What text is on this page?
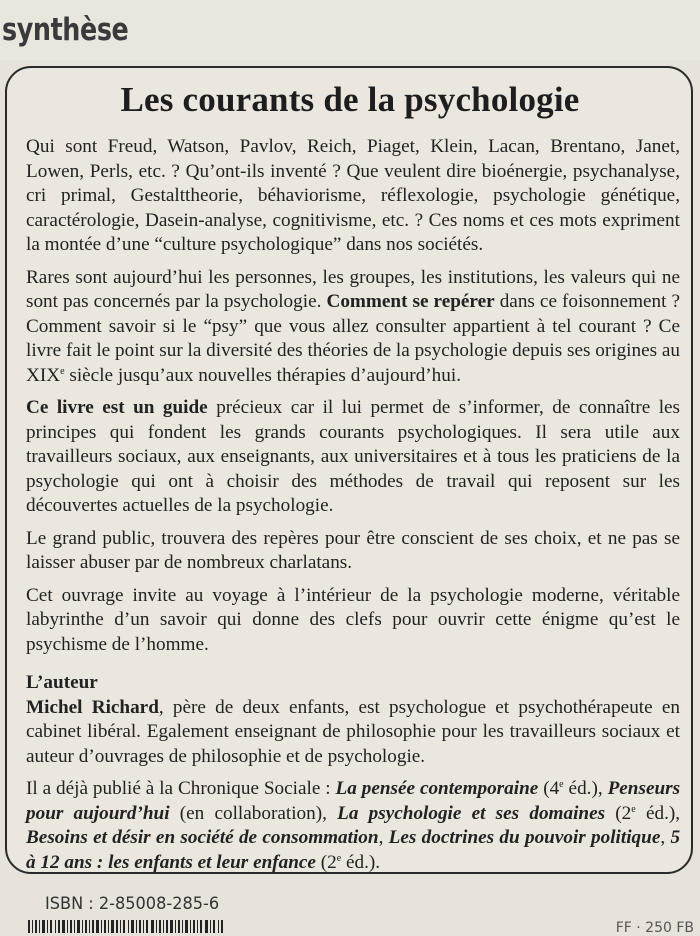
synthèse
Les courants de la psychologie

Qui sont Freud, Watson, Pavlov, Reich, Piaget, Klein, Lacan, Brentano, Janet, Lowen, Perls, etc. ? Qu’ont-ils inventé ? Que veulent dire bioénergie, psychanalyse, cri primal, Gestalttheorie, béhaviorisme, réflexologie, psychologie génétique, caractérologie, Dasein-analyse, cognitivisme, etc. ? Ces noms et ces mots expriment la montée d’une “culture psychologique” dans nos sociétés.

Rares sont aujourd’hui les personnes, les groupes, les institutions, les valeurs qui ne sont pas concernés par la psychologie. Comment se repérer dans ce foisonnement ? Comment savoir si le “psy” que vous allez consulter appartient à tel courant ? Ce livre fait le point sur la diversité des théories de la psychologie depuis ses origines au XIXe siècle jusqu’aux nouvelles thérapies d’aujourd’hui.

Ce livre est un guide précieux car il lui permet de s’informer, de connaître les principes qui fondent les grands courants psychologiques. Il sera utile aux travailleurs sociaux, aux enseignants, aux universitaires et à tous les praticiens de la psychologie qui ont à choisir des méthodes de travail qui reposent sur les découvertes actuelles de la psychologie.

Le grand public, trouvera des repères pour être conscient de ses choix, et ne pas se laisser abuser par de nombreux charlatans.

Cet ouvrage invite au voyage à l’intérieur de la psychologie moderne, véritable labyrinthe d’un savoir qui donne des clefs pour ouvrir cette énigme qu’est le psychisme de l’homme.

L’auteur

Michel Richard, père de deux enfants, est psychologue et psychothérapeute en cabinet libéral. Egalement enseignant de philosophie pour les travailleurs sociaux et auteur d’ouvrages de philosophie et de psychologie.

Il a déjà publié à la Chronique Sociale : La pensée contemporaine (4e éd.), Penseurs pour aujourd’hui (en collaboration), La psychologie et ses domaines (2e éd.), Besoins et désir en société de consommation, Les doctrines du pouvoir politique, 5 à 12 ans : les enfants et leur enfance (2e éd.).

ISBN : 2-85008-285-6
FF · 250 FB
